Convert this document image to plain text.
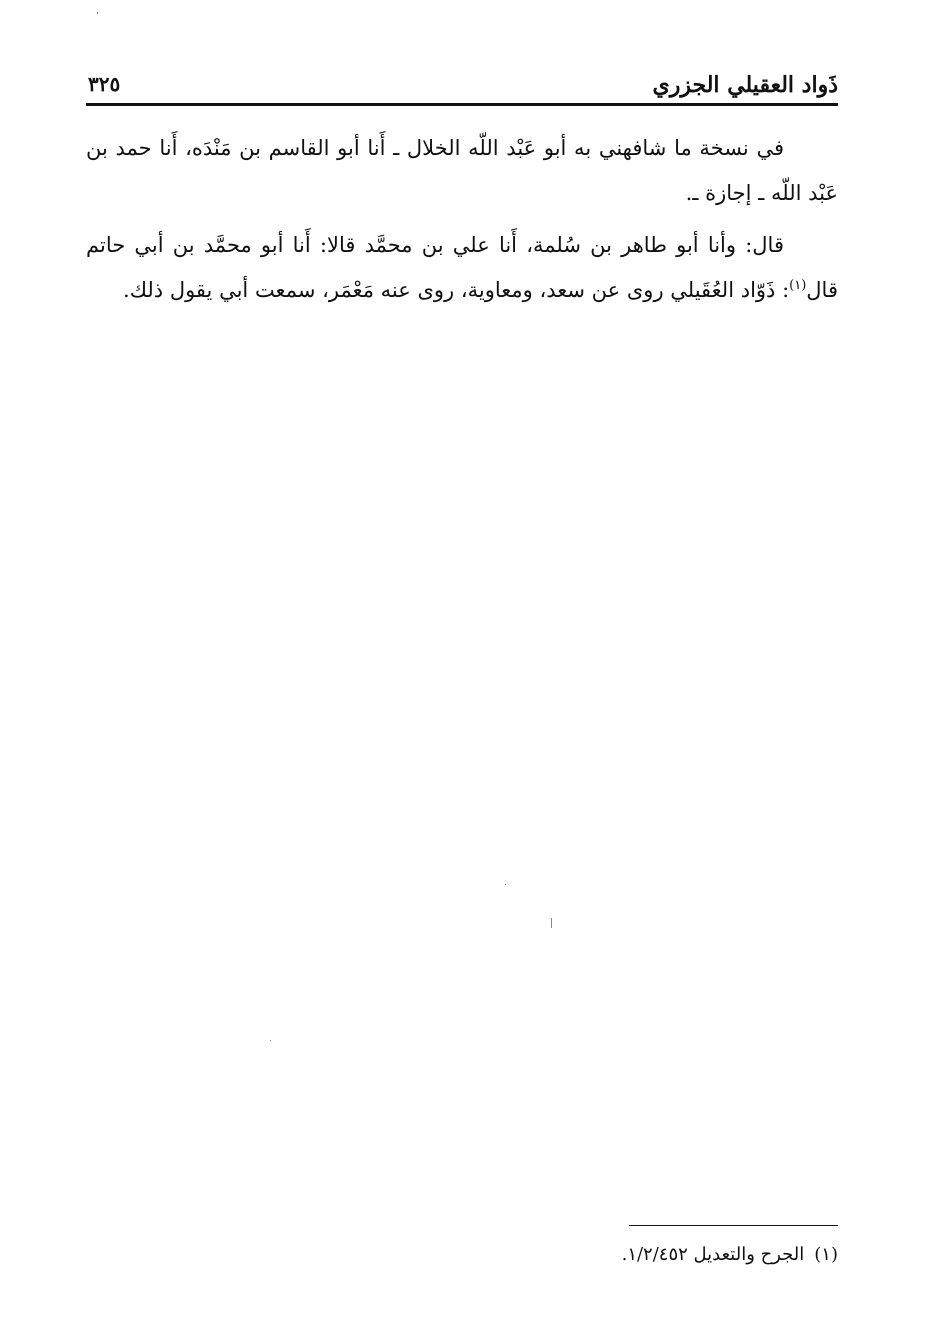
ذَواد العقيلي الجزري
٣٢٥

في نسخة ما شافهني به أبو عَبْد اللّه الخلال ـ أَنا أبو القاسم بن مَنْدَه، أَنا حمد بن عَبْد اللّه ـ إجازة ـ.

قال: وأنا أبو طاهر بن سُلمة، أَنا علي بن محمَّد قالا: أَنا أبو محمَّد بن أبي حاتم قال$^{(١)}$: ذَوّاد العُقَيلي روى عن سعد، ومعاوية، روى عنه مَعْمَر، سمعت أبي يقول ذلك.

(١)الجرح والتعديل ١/٢/٤٥٢.
